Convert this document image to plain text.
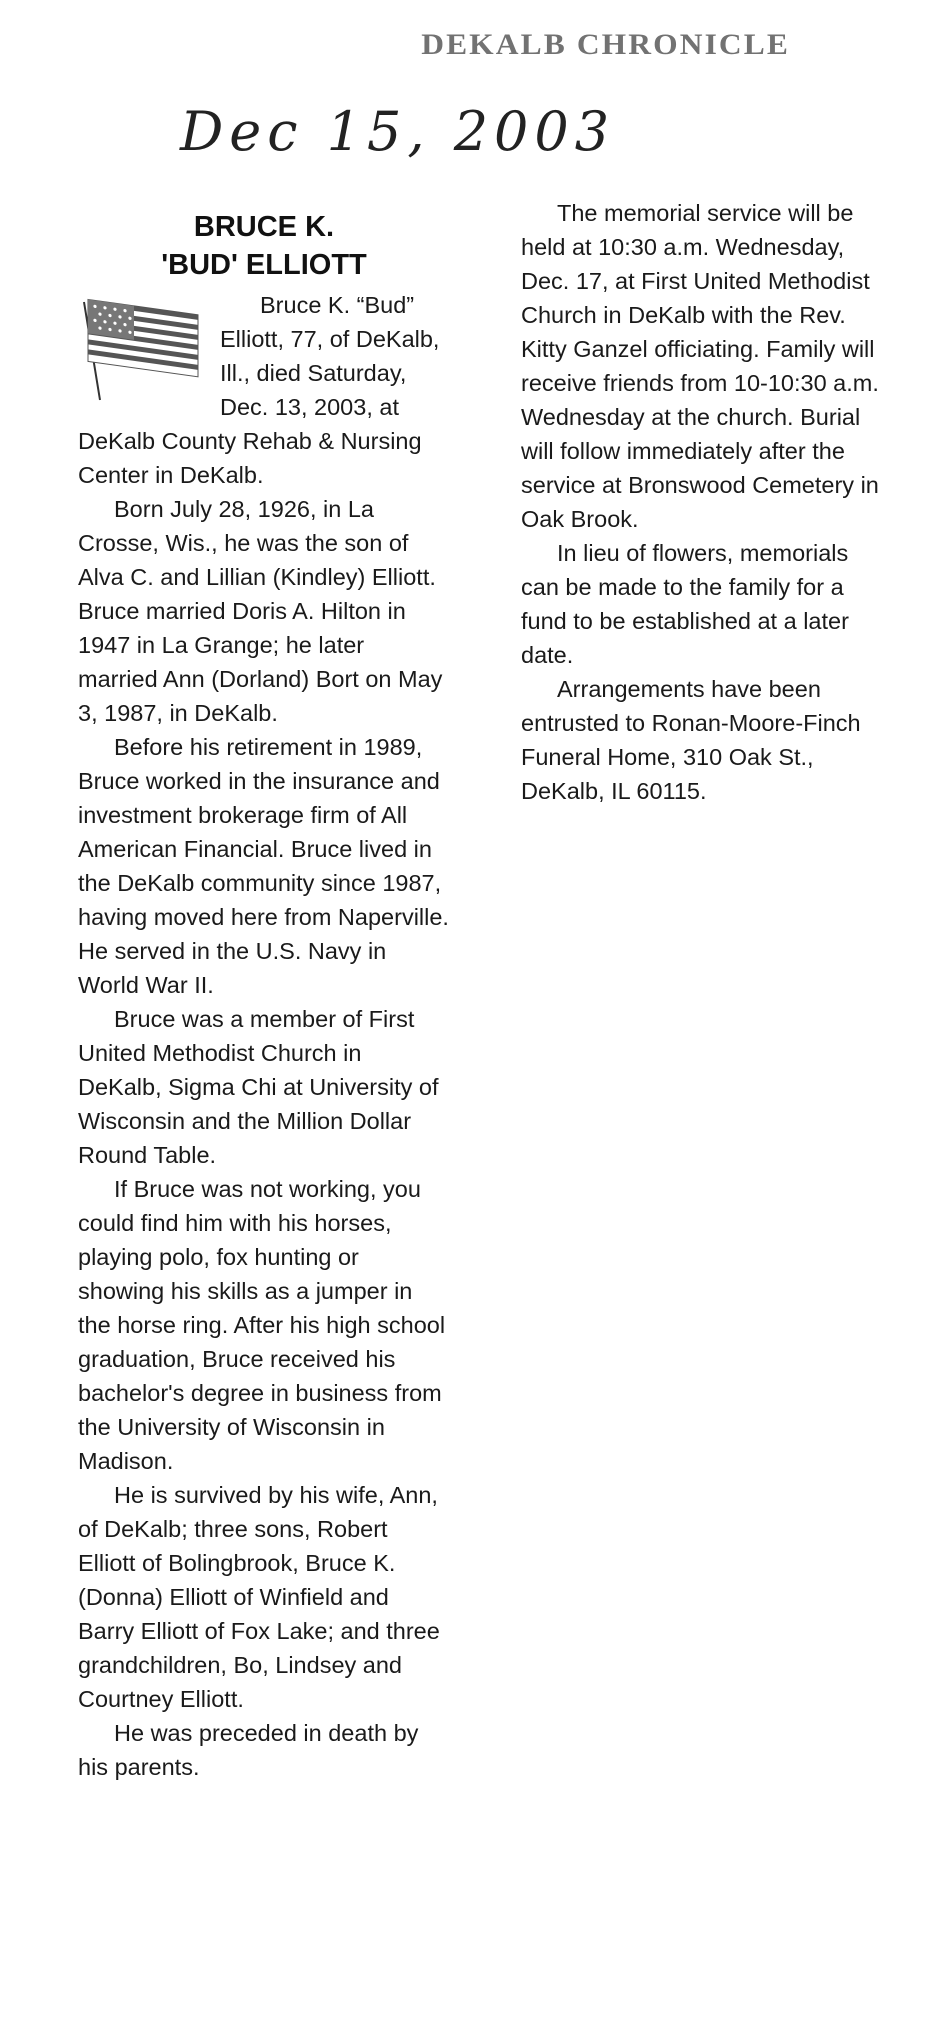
DEKALB CHRONICLE
Dec 15, 2003
BRUCE K.
'BUD' ELLIOTT

Bruce K. “Bud” Elliott, 77, of DeKalb, Ill., died Saturday, Dec. 13, 2003, at DeKalb County Rehab & Nursing Center in DeKalb.

Born July 28, 1926, in La Crosse, Wis., he was the son of Alva C. and Lillian (Kindley) Elliott. Bruce married Doris A. Hilton in 1947 in La Grange; he later married Ann (Dorland) Bort on May 3, 1987, in DeKalb.

Before his retirement in 1989, Bruce worked in the insurance and investment brokerage firm of All American Financial. Bruce lived in the DeKalb community since 1987, having moved here from Naperville. He served in the U.S. Navy in World War II.

Bruce was a member of First United Methodist Church in DeKalb, Sigma Chi at University of Wisconsin and the Million Dollar Round Table.

If Bruce was not working, you could find him with his horses, playing polo, fox hunting or showing his skills as a jumper in the horse ring. After his high school graduation, Bruce received his bachelor's degree in business from the University of Wisconsin in Madison.

He is survived by his wife, Ann, of DeKalb; three sons, Robert Elliott of Bolingbrook, Bruce K. (Donna) Elliott of Winfield and Barry Elliott of Fox Lake; and three grandchildren, Bo, Lindsey and Courtney Elliott.

He was preceded in death by his parents.

The memorial service will be held at 10:30 a.m. Wednesday, Dec. 17, at First United Methodist Church in DeKalb with the Rev. Kitty Ganzel officiating. Family will receive friends from 10-10:30 a.m. Wednesday at the church. Burial will follow immediately after the service at Bronswood Cemetery in Oak Brook.

In lieu of flowers, memorials can be made to the family for a fund to be established at a later date.

Arrangements have been entrusted to Ronan-Moore-Finch Funeral Home, 310 Oak St., DeKalb, IL 60115.
